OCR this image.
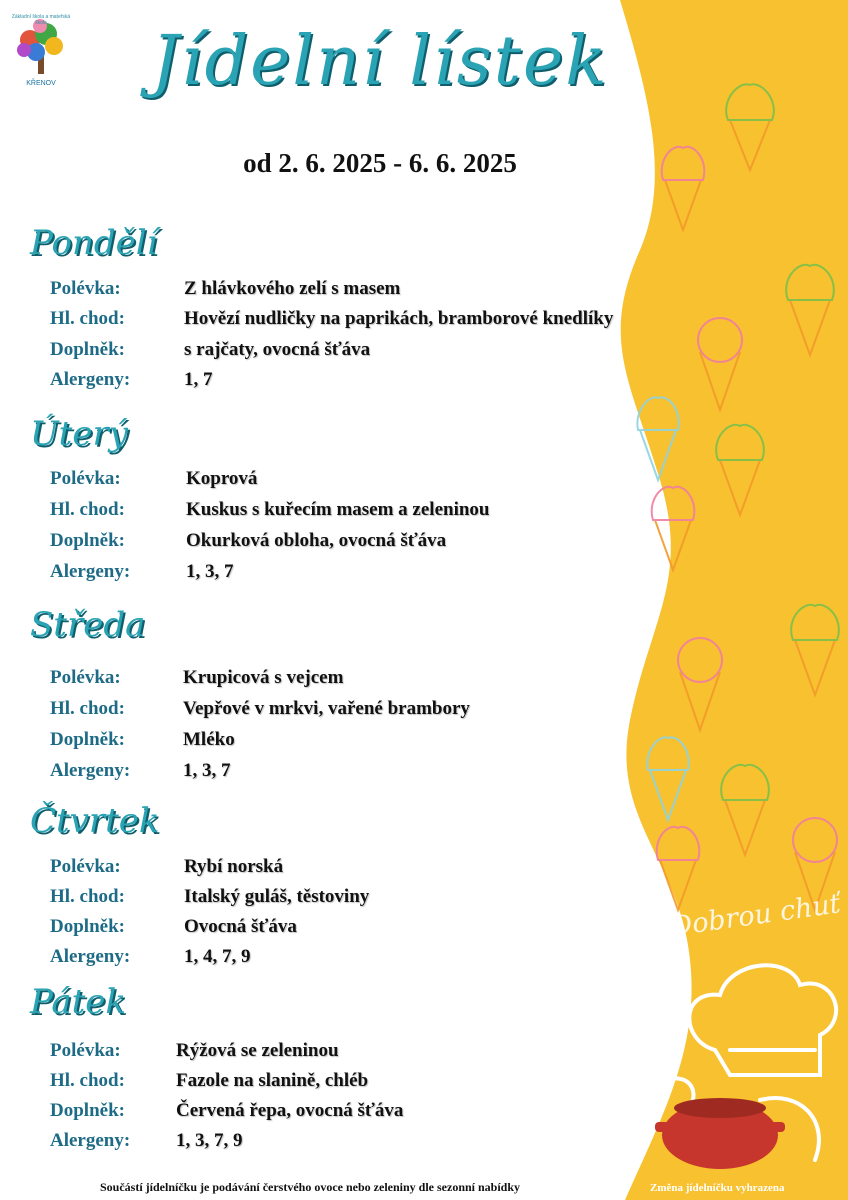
Základní škola a mateřská škola
KŘENOV	Jídelní lístek
od 2. 6. 2025 - 6. 6. 2025
Pondělí
Polévka:	Z hlávkového zelí s masem
Hl. chod:	Hovězí nudličky na paprikách, bramborové knedlíky
Doplněk:	s rajčaty, ovocná šťáva
Alergeny:	1, 7
Úterý
Polévka:	Koprová
Hl. chod:	Kuskus s kuřecím masem a zeleninou
Doplněk:	Okurková obloha, ovocná šťáva
Alergeny:	1, 3, 7
Středa
Polévka:	Krupicová s vejcem
Hl. chod:	Vepřové v mrkvi, vařené brambory
Doplněk:	Mléko
Alergeny:	1, 3, 7
Čtvrtek
Polévka:	Rybí norská
Hl. chod:	Italský guláš, těstoviny
Doplněk:	Ovocná šťáva
Alergeny:	1, 4, 7, 9
Pátek
Polévka:	Rýžová se zeleninou
Hl. chod:	Fazole na slanině, chléb
Doplněk:	Červená řepa, ovocná šťáva
Alergeny: 1, 3, 7, 9
Dobrou chuť
Součástí jídelníčku je podávání čerstvého ovoce nebo zeleniny dle sezonní nabídky	Změna jídelníčku vyhrazena
